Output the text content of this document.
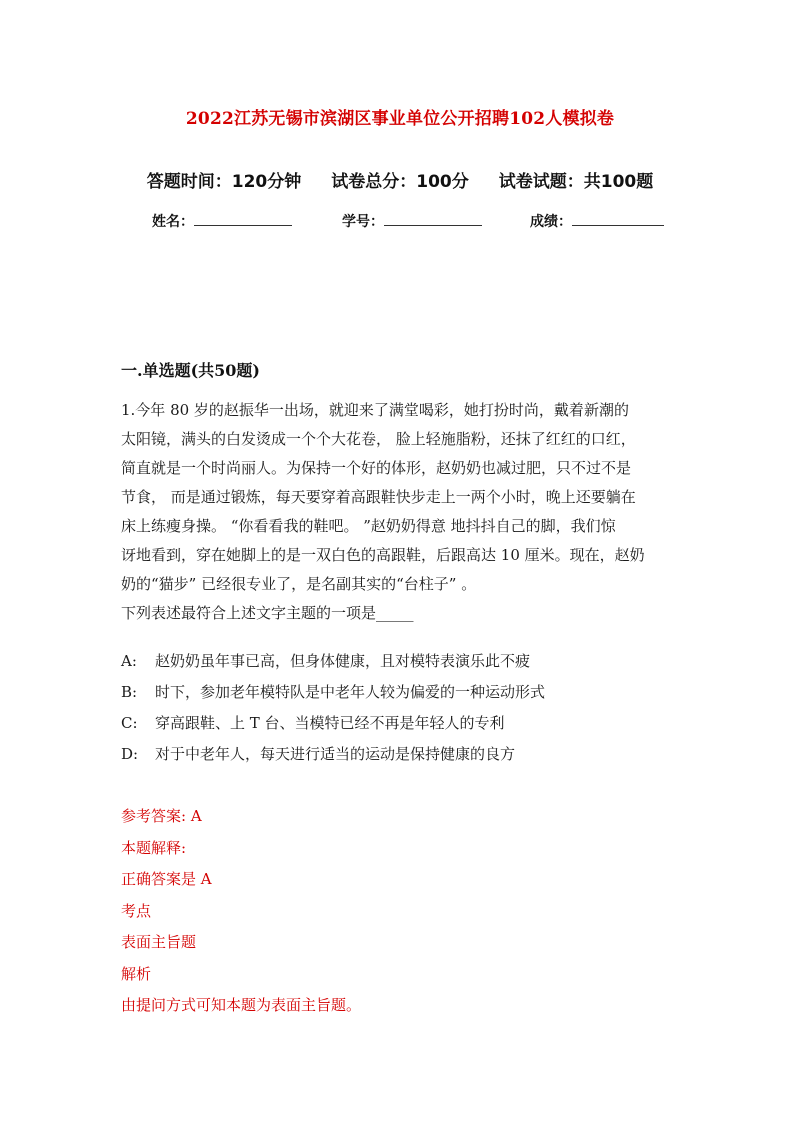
2022江苏无锡市滨湖区事业单位公开招聘102人模拟卷
答题时间：120分钟 试卷总分：100分 试卷试题：共100题
姓名：	学号：	成绩：
一.单选题(共50题)

1.今年 80 岁的赵振华一出场，就迎来了满堂喝彩，她打扮时尚，戴着新潮的

太阳镜，满头的白发烫成一个个大花卷， 脸上轻施脂粉，还抹了红红的口红，

简直就是一个时尚丽人。为保持一个好的体形，赵奶奶也减过肥，只不过不是

节食， 而是通过锻炼，每天要穿着高跟鞋快步走上一两个小时，晚上还要躺在

床上练瘦身操。 “你看看我的鞋吧。 ”赵奶奶得意 地抖抖自己的脚，我们惊

讶地看到，穿在她脚上的是一双白色的高跟鞋，后跟高达 10 厘米。现在，赵奶

奶的“猫步” 已经很专业了，是名副其实的“台柱子” 。

下列表述最符合上述文字主题的一项是_____

A:	赵奶奶虽年事已高，但身体健康，且对模特表演乐此不疲
B:	时下，参加老年模特队是中老年人较为偏爱的一种运动形式
C:	穿高跟鞋、上 T 台、当模特已经不再是年轻人的专利
D:	对于中老年人，每天进行适当的运动是保持健康的良方
参考答案: A
本题解释:
正确答案是 A
考点
表面主旨题
解析
由提问方式可知本题为表面主旨题。
